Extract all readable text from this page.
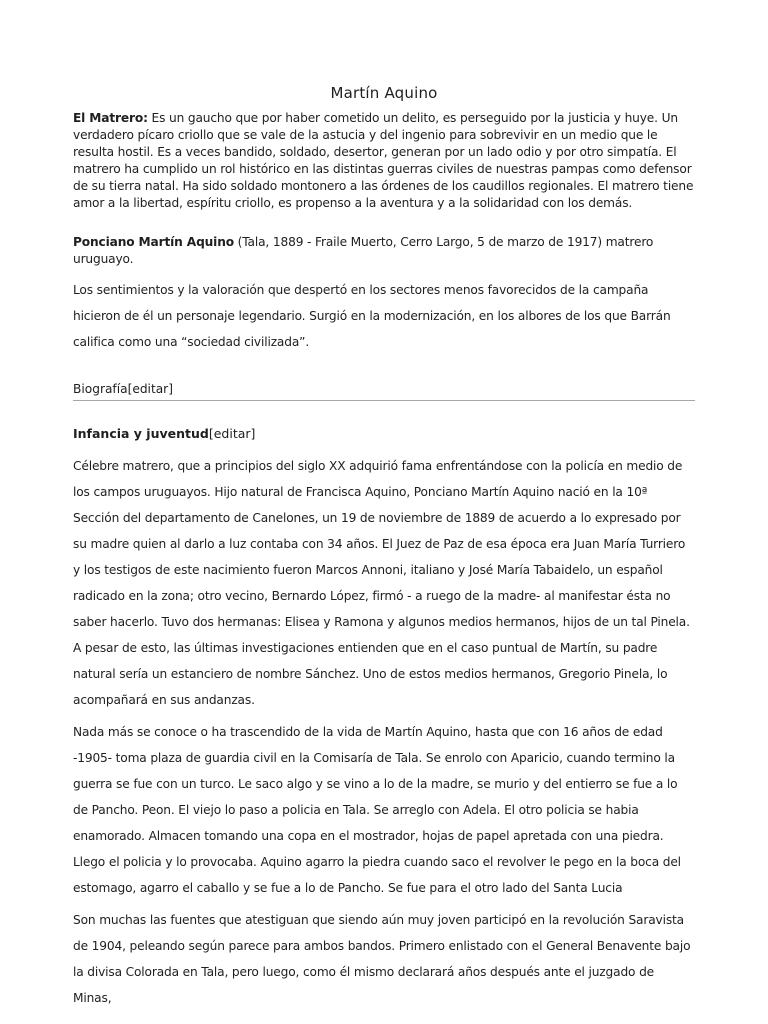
Martín Aquino

El Matrero: Es un gaucho que por haber cometido un delito, es perseguido por la justicia y huye. Un verdadero pícaro criollo que se vale de la astucia y del ingenio para sobrevivir en un medio que le resulta hostil. Es a veces bandido, soldado, desertor, generan por un lado odio y por otro simpatía. El matrero ha cumplido un rol histórico en las distintas guerras civiles de nuestras pampas como defensor de su tierra natal. Ha sido soldado montonero a las órdenes de los caudillos regionales. El matrero tiene amor a la libertad, espíritu criollo, es propenso a la aventura y a la solidaridad con los demás.

Ponciano Martín Aquino (Tala, 1889 - Fraile Muerto, Cerro Largo, 5 de marzo de 1917) matrero uruguayo.

Los sentimientos y la valoración que despertó en los sectores menos favorecidos de la campaña hicieron de él un personaje legendario. Surgió en la modernización, en los albores de los que Barrán califica como una “sociedad civilizada”.

Biografía[editar]
Infancia y juventud[editar]

Célebre matrero, que a principios del siglo XX adquirió fama enfrentándose con la policía en medio de los campos uruguayos. Hijo natural de Francisca Aquino, Ponciano Martín Aquino nació en la 10ª Sección del departamento de Canelones, un 19 de noviembre de 1889 de acuerdo a lo expresado por su madre quien al darlo a luz contaba con 34 años. El Juez de Paz de esa época era Juan María Turriero y los testigos de este nacimiento fueron Marcos Annoni, italiano y José María Tabaidelo, un español radicado en la zona; otro vecino, Bernardo López, firmó - a ruego de la madre- al manifestar ésta no saber hacerlo. Tuvo dos hermanas: Elisea y Ramona y algunos medios hermanos, hijos de un tal Pinela. A pesar de esto, las últimas investigaciones entienden que en el caso puntual de Martín, su padre natural sería un estanciero de nombre Sánchez. Uno de estos medios hermanos, Gregorio Pinela, lo acompañará en sus andanzas.

Nada más se conoce o ha trascendido de la vida de Martín Aquino, hasta que con 16 años de edad -1905- toma plaza de guardia civil en la Comisaría de Tala. Se enrolo con Aparicio, cuando termino la guerra se fue con un turco. Le saco algo y se vino a lo de la madre, se murio y del entierro se fue a lo de Pancho. Peon. El viejo lo paso a policia en Tala. Se arreglo con Adela. El otro policia se habia enamorado. Almacen tomando una copa en el mostrador, hojas de papel apretada con una piedra. Llego el policia y lo provocaba. Aquino agarro la piedra cuando saco el revolver le pego en la boca del estomago, agarro el caballo y se fue a lo de Pancho. Se fue para el otro lado del Santa Lucia

Son muchas las fuentes que atestiguan que siendo aún muy joven participó en la revolución Saravista de 1904, peleando según parece para ambos bandos. Primero enlistado con el General Benavente bajo la divisa Colorada en Tala, pero luego, como él mismo declarará años después ante el juzgado de Minas,
